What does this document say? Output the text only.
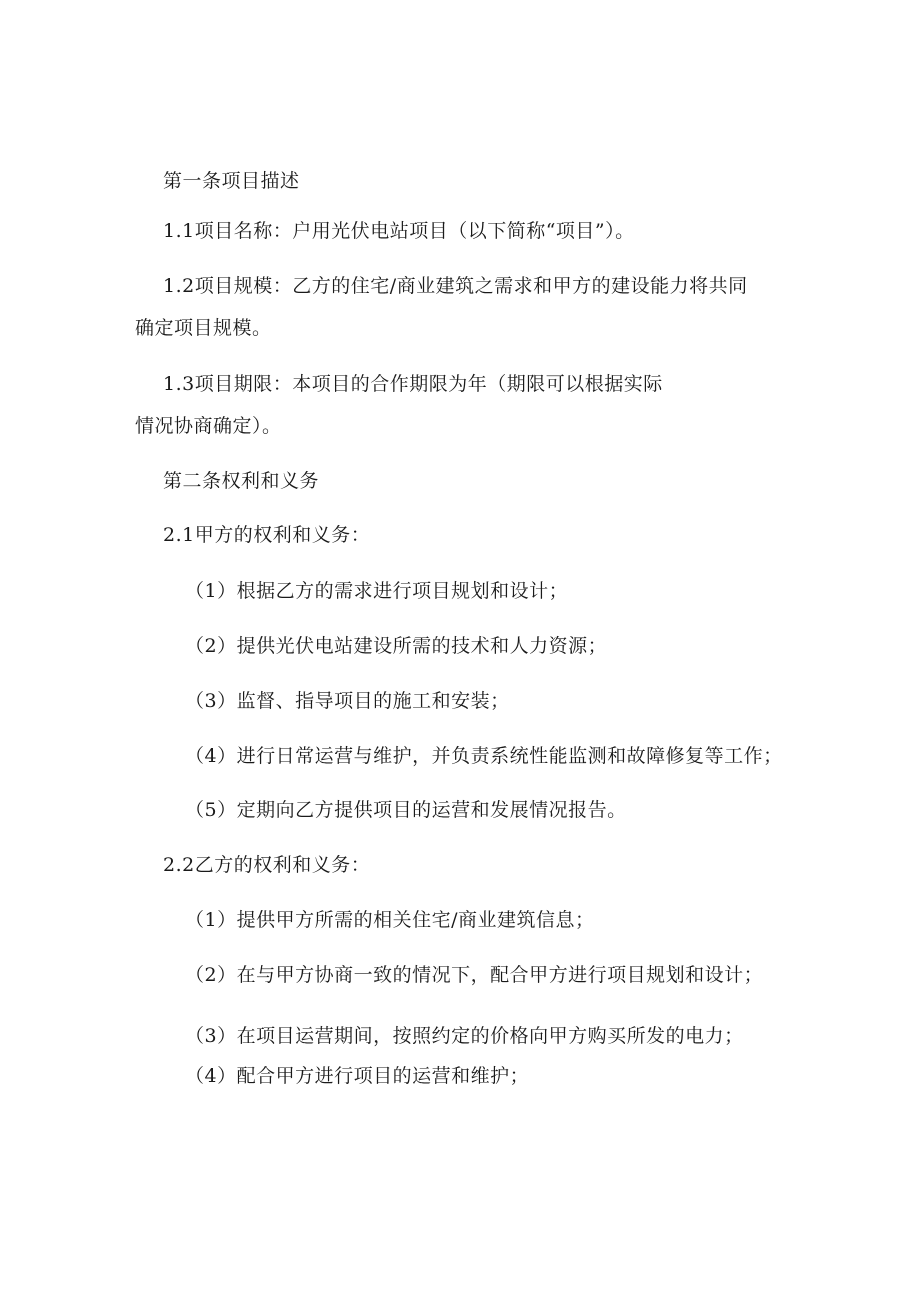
第一条项目描述
1.1项目名称：户用光伏电站项目（以下简称“项目”）。
1.2项目规模：乙方的住宅/商业建筑之需求和甲方的建设能力将共同
确定项目规模。
1.3项目期限：本项目的合作期限为年（期限可以根据实际
情况协商确定）。
第二条权利和义务
2.1甲方的权利和义务：
（1）根据乙方的需求进行项目规划和设计；
（2）提供光伏电站建设所需的技术和人力资源；
（3）监督、指导项目的施工和安装；
（4）进行日常运营与维护，并负责系统性能监测和故障修复等工作；
（5）定期向乙方提供项目的运营和发展情况报告。
2.2乙方的权利和义务：
（1）提供甲方所需的相关住宅/商业建筑信息；
（2）在与甲方协商一致的情况下，配合甲方进行项目规划和设计；
（3）在项目运营期间，按照约定的价格向甲方购买所发的电力；
（4）配合甲方进行项目的运营和维护；
